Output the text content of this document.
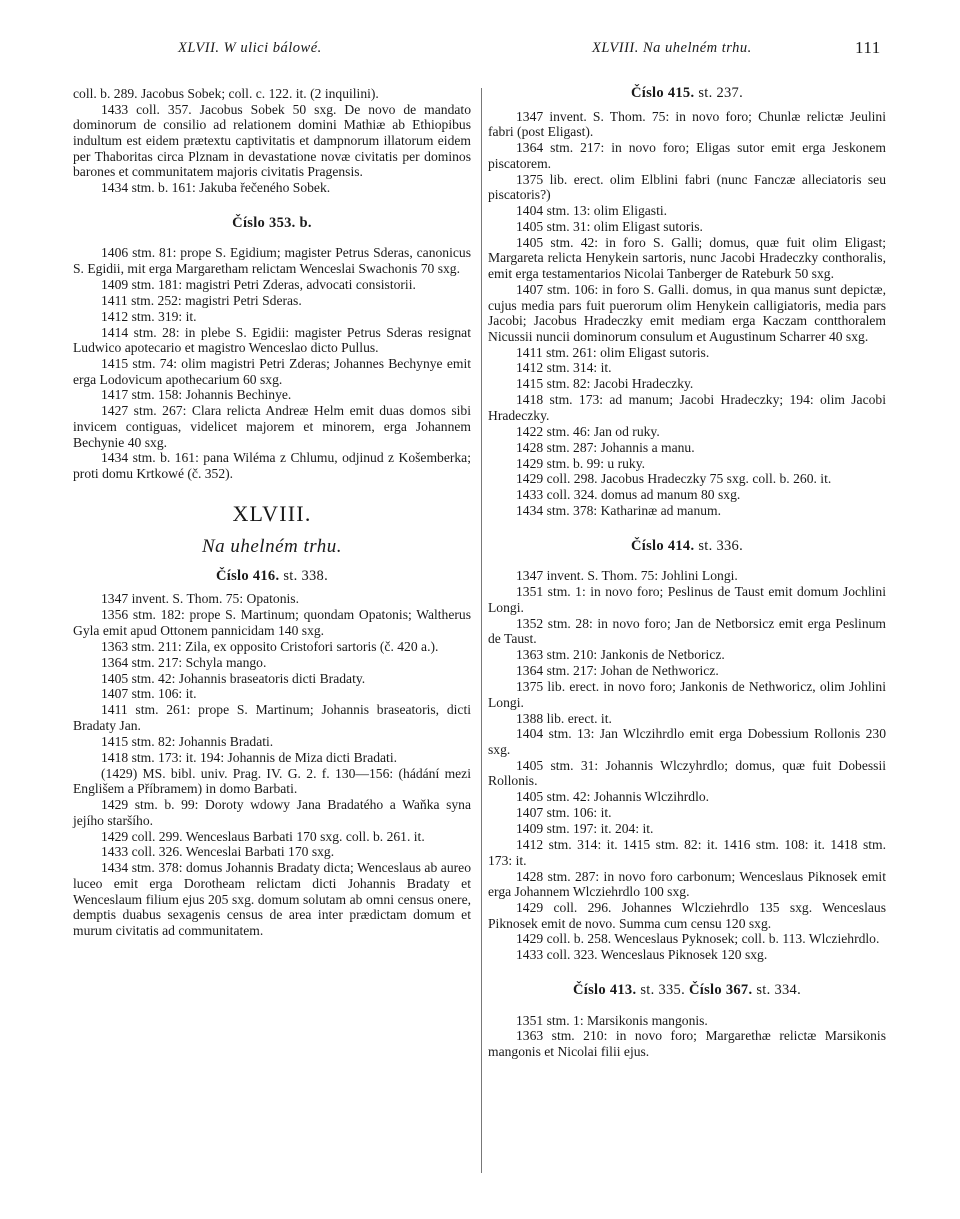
XLVII. W ulici bálowé.	XLVIII. Na uhelném trhu.	111

coll. b. 289. Jacobus Sobek; coll. c. 122. it. (2 inquilini).

1433 coll. 357. Jacobus Sobek 50 sxg. De novo de mandato dominorum de consilio ad relationem domini Mathiæ ab Ethiopibus indultum est eidem prætextu captivitatis et dampnorum illatorum eidem per Thaboritas circa Plznam in devastatione novæ civitatis per dominos barones et communitatem majoris civitatis Pragensis.

1434 stm. b. 161: Jakuba řečeného Sobek.

Číslo 353. b.

1406 stm. 81: prope S. Egidium; magister Petrus Sderas, canonicus S. Egidii, mit erga Margaretham relictam Wenceslai Swachonis 70 sxg.

1409 stm. 181: magistri Petri Zderas, advocati consistorii.

1411 stm. 252: magistri Petri Sderas.

1412 stm. 319: it.

1414 stm. 28: in plebe S. Egidii: magister Petrus Sderas resignat Ludwico apotecario et magistro Wenceslao dicto Pullus.

1415 stm. 74: olim magistri Petri Zderas; Johannes Bechynye emit erga Lodovicum apothecarium 60 sxg.

1417 stm. 158: Johannis Bechinye.

1427 stm. 267: Clara relicta Andreæ Helm emit duas domos sibi invicem contiguas, videlicet majorem et minorem, erga Johannem Bechynie 40 sxg.

1434 stm. b. 161: pana Wiléma z Chlumu, odjinud z Košemberka; proti domu Krtkowé (č. 352).

XLVIII.
Na uhelném trhu.
Číslo 416. st. 338.

1347 invent. S. Thom. 75: Opatonis.

1356 stm. 182: prope S. Martinum; quondam Opatonis; Waltherus Gyla emit apud Ottonem pannicidam 140 sxg.

1363 stm. 211: Zila, ex opposito Cristofori sartoris (č. 420 a.).

1364 stm. 217: Schyla mango.

1405 stm. 42: Johannis braseatoris dicti Bradaty.

1407 stm. 106: it.

1411 stm. 261: prope S. Martinum; Johannis braseatoris, dicti Bradaty Jan.

1415 stm. 82: Johannis Bradati.

1418 stm. 173: it. 194: Johannis de Miza dicti Bradati.

(1429) MS. bibl. univ. Prag. IV. G. 2. f. 130—156: (hádání mezi Englišem a Příbramem) in domo Barbati.

1429 stm. b. 99: Doroty wdowy Jana Bradatého a Waňka syna jejího staršího.

1429 coll. 299. Wenceslaus Barbati 170 sxg. coll. b. 261. it.

1433 coll. 326. Wenceslai Barbati 170 sxg.

1434 stm. 378: domus Johannis Bradaty dicta; Wenceslaus ab aureo luceo emit erga Dorotheam relictam dicti Johannis Bradaty et Wenceslaum filium ejus 205 sxg. domum solutam ab omni census onere, demptis duabus sexagenis census de area inter prædictam domum et murum civitatis ad communitatem.

Číslo 415. st. 237.

1347 invent. S. Thom. 75: in novo foro; Chunlæ relictæ Jeulini fabri (post Eligast).

1364 stm. 217: in novo foro; Eligas sutor emit erga Jeskonem piscatorem.

1375 lib. erect. olim Elblini fabri (nunc Fanczæ alleciatoris seu piscatoris?)

1404 stm. 13: olim Eligasti.

1405 stm. 31: olim Eligast sutoris.

1405 stm. 42: in foro S. Galli; domus, quæ fuit olim Eligast; Margareta relicta Henykein sartoris, nunc Jacobi Hradeczky conthoralis, emit erga testamentarios Nicolai Tanberger de Rateburk 50 sxg.

1407 stm. 106: in foro S. Galli. domus, in qua manus sunt depictæ, cujus media pars fuit puerorum olim Henykein calligiatoris, media pars Jacobi; Jacobus Hradeczky emit mediam erga Kaczam contthoralem Nicussii nuncii dominorum consulum et Augustinum Scharrer 40 sxg.

1411 stm. 261: olim Eligast sutoris.

1412 stm. 314: it.

1415 stm. 82: Jacobi Hradeczky.

1418 stm. 173: ad manum; Jacobi Hradeczky; 194: olim Jacobi Hradeczky.

1422 stm. 46: Jan od ruky.

1428 stm. 287: Johannis a manu.

1429 stm. b. 99: u ruky.

1429 coll. 298. Jacobus Hradeczky 75 sxg. coll. b. 260. it.

1433 coll. 324. domus ad manum 80 sxg.

1434 stm. 378: Katharinæ ad manum.

Číslo 414. st. 336.

1347 invent. S. Thom. 75: Johlini Longi.

1351 stm. 1: in novo foro; Peslinus de Taust emit domum Jochlini Longi.

1352 stm. 28: in novo foro; Jan de Netborsicz emit erga Peslinum de Taust.

1363 stm. 210: Jankonis de Netboricz.

1364 stm. 217: Johan de Nethworicz.

1375 lib. erect. in novo foro; Jankonis de Nethworicz, olim Johlini Longi.

1388 lib. erect. it.

1404 stm. 13: Jan Wlczihrdlo emit erga Dobessium Rollonis 230 sxg.

1405 stm. 31: Johannis Wlczyhrdlo; domus, quæ fuit Dobessii Rollonis.

1405 stm. 42: Johannis Wlczihrdlo.

1407 stm. 106: it.

1409 stm. 197: it. 204: it.

1412 stm. 314: it. 1415 stm. 82: it. 1416 stm. 108: it. 1418 stm. 173: it.

1428 stm. 287: in novo foro carbonum; Wenceslaus Piknosek emit erga Johannem Wlcziehrdlo 100 sxg.

1429 coll. 296. Johannes Wlcziehrdlo 135 sxg. Wenceslaus Piknosek emit de novo. Summa cum censu 120 sxg.

1429 coll. b. 258. Wenceslaus Pyknosek; coll. b. 113. Wlcziehrdlo.

1433 coll. 323. Wenceslaus Piknosek 120 sxg.

Číslo 413. st. 335. Číslo 367. st. 334.

1351 stm. 1: Marsikonis mangonis.

1363 stm. 210: in novo foro; Margarethæ relictæ Marsikonis mangonis et Nicolai filii ejus.
